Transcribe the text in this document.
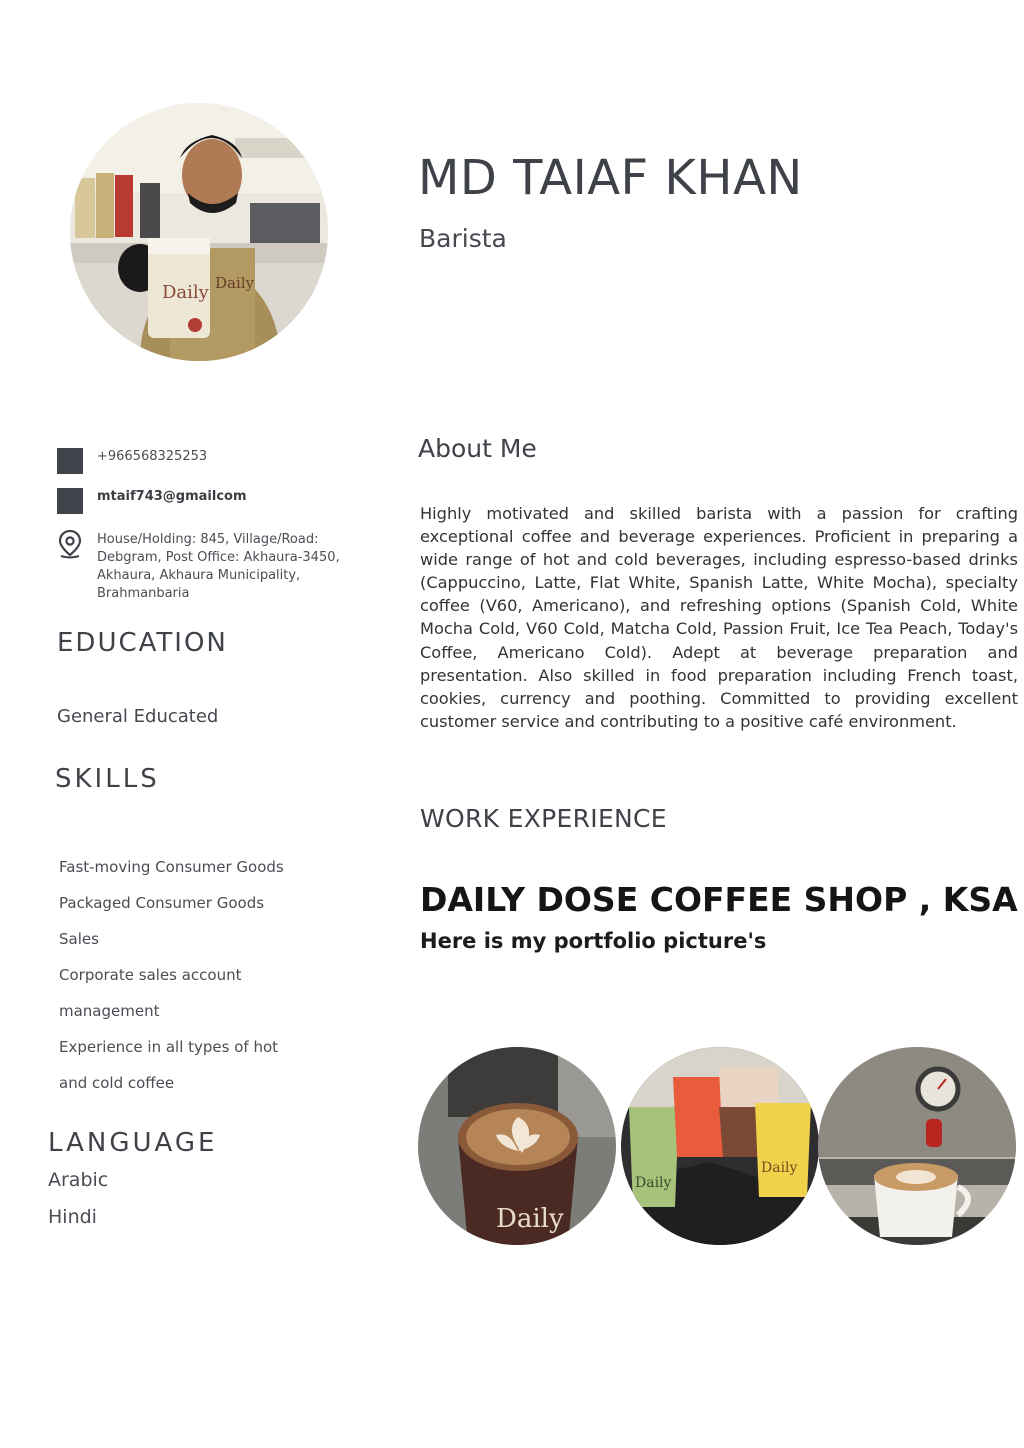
Daily Daily
MD TAIAF KHAN
Barista
+966568325253
mtaif743@gmailcom
House/Holding: 845, Village/Road: Debgram, Post Office: Akhaura-3450, Akhaura, Akhaura Municipality, Brahmanbaria
EDUCATION
General Educated
SKILLS
Fast-moving Consumer Goods
Packaged Consumer Goods
Sales
Corporate sales account
management
Experience in all types of hot
and cold coffee
LANGUAGE
Arabic
Hindi
About Me
Highly motivated and skilled barista with a passion for crafting exceptional coffee and beverage experiences. Proficient in preparing a wide range of hot and cold beverages, including espresso-based drinks (Cappuccino, Latte, Flat White, Spanish Latte, White Mocha), specialty coffee (V60, Americano), and refreshing options (Spanish Cold, White Mocha Cold, V60 Cold, Matcha Cold, Passion Fruit, Ice Tea Peach, Today's Coffee, Americano Cold). Adept at beverage preparation and presentation. Also skilled in food preparation including French toast, cookies, currency and poothing. Committed to providing excellent customer service and contributing to a positive café environment.
WORK EXPERIENCE
DAILY DOSE COFFEE SHOP , KSA
Here is my portfolio picture's
Daily
Daily
Daily
